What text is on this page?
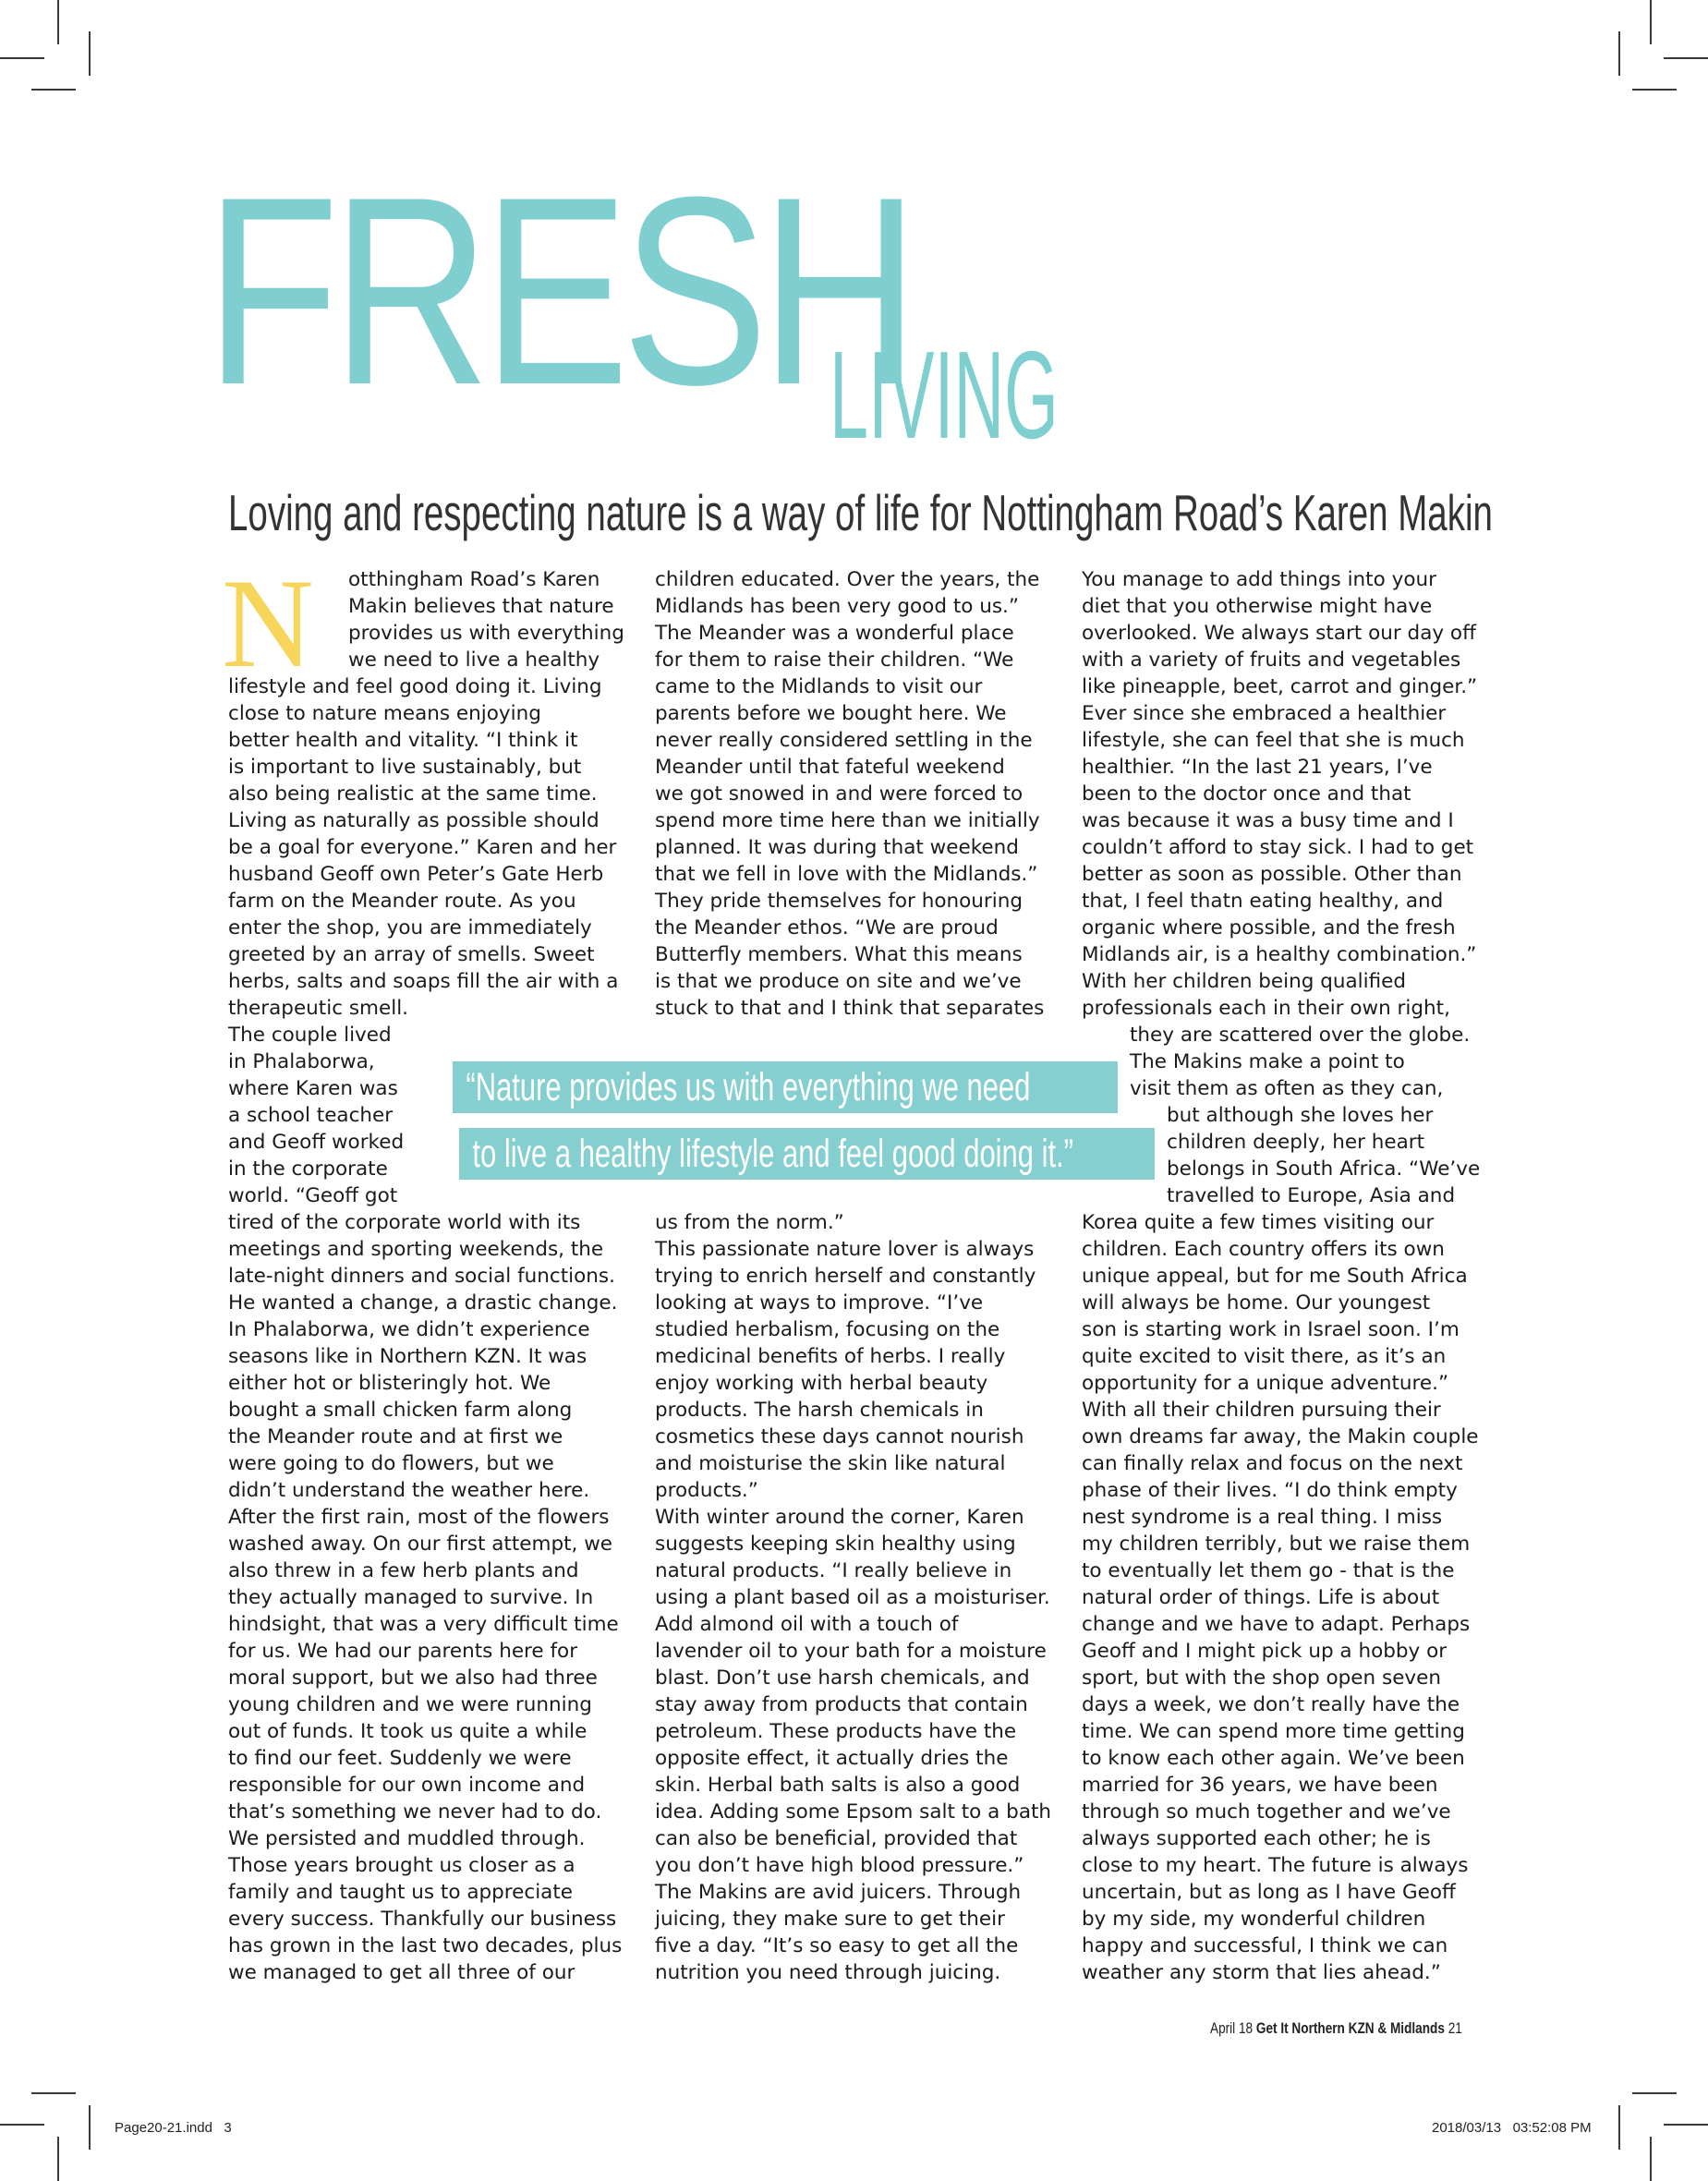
FRESH
LIVING
Loving and respecting nature is a way of life for Nottingham Road’s Karen Makin
N	otthingham Road’s Karen
Makin believes that nature
provides us with everything
we need to live a healthy
lifestyle and feel good doing it. Living
close to nature means enjoying
better health and vitality. “I think it
is important to live sustainably, but
also being realistic at the same time.
Living as naturally as possible should
be a goal for everyone.” Karen and her
husband Geoff own Peter’s Gate Herb
farm on the Meander route. As you
enter the shop, you are immediately
greeted by an array of smells. Sweet
herbs, salts and soaps fill the air with a
therapeutic smell.
The couple lived
in Phalaborwa,
where Karen was
a school teacher
and Geoff worked
in the corporate
world. “Geoff got
tired of the corporate world with its
meetings and sporting weekends, the
late-night dinners and social functions.
He wanted a change, a drastic change.
In Phalaborwa, we didn’t experience
seasons like in Northern KZN. It was
either hot or blisteringly hot. We
bought a small chicken farm along
the Meander route and at first we
were going to do flowers, but we
didn’t understand the weather here.
After the first rain, most of the flowers
washed away. On our first attempt, we
also threw in a few herb plants and
they actually managed to survive. In
hindsight, that was a very difficult time
for us. We had our parents here for
moral support, but we also had three
young children and we were running
out of funds. It took us quite a while
to find our feet. Suddenly we were
responsible for our own income and
that’s something we never had to do.
We persisted and muddled through.
Those years brought us closer as a
family and taught us to appreciate
every success. Thankfully our business
has grown in the last two decades, plus
we managed to get all three of our
children educated. Over the years, the
Midlands has been very good to us.”
The Meander was a wonderful place
for them to raise their children. “We
came to the Midlands to visit our
parents before we bought here. We
never really considered settling in the
Meander until that fateful weekend
we got snowed in and were forced to
spend more time here than we initially
planned. It was during that weekend
that we fell in love with the Midlands.”
They pride themselves for honouring
the Meander ethos. “We are proud
Butterfly members. What this means
is that we produce on site and we’ve
stuck to that and I think that separates
us from the norm.”
This passionate nature lover is always
trying to enrich herself and constantly
looking at ways to improve. “I’ve
studied herbalism, focusing on the
medicinal benefits of herbs. I really
enjoy working with herbal beauty
products. The harsh chemicals in
cosmetics these days cannot nourish
and moisturise the skin like natural
products.”
With winter around the corner, Karen
suggests keeping skin healthy using
natural products. “I really believe in
using a plant based oil as a moisturiser.
Add almond oil with a touch of
lavender oil to your bath for a moisture
blast. Don’t use harsh chemicals, and
stay away from products that contain
petroleum. These products have the
opposite effect, it actually dries the
skin. Herbal bath salts is also a good
idea. Adding some Epsom salt to a bath
can also be beneficial, provided that
you don’t have high blood pressure.”
The Makins are avid juicers. Through
juicing, they make sure to get their
five a day. “It’s so easy to get all the
nutrition you need through juicing.
You manage to add things into your
diet that you otherwise might have
overlooked. We always start our day off
with a variety of fruits and vegetables
like pineapple, beet, carrot and ginger.”
Ever since she embraced a healthier
lifestyle, she can feel that she is much
healthier. “In the last 21 years, I’ve
been to the doctor once and that
was because it was a busy time and I
couldn’t afford to stay sick. I had to get
better as soon as possible. Other than
that, I feel thatn eating healthy, and
organic where possible, and the fresh
Midlands air, is a healthy combination.”
With her children being qualified
professionals each in their own right,
they are scattered over the globe.
The Makins make a point to
visit them as often as they can,
but although she loves her
children deeply, her heart
belongs in South Africa. “We’ve
travelled to Europe, Asia and
Korea quite a few times visiting our
children. Each country offers its own
unique appeal, but for me South Africa
will always be home. Our youngest
son is starting work in Israel soon. I’m
quite excited to visit there, as it’s an
opportunity for a unique adventure.”
With all their children pursuing their
own dreams far away, the Makin couple
can finally relax and focus on the next
phase of their lives. “I do think empty
nest syndrome is a real thing. I miss
my children terribly, but we raise them
to eventually let them go - that is the
natural order of things. Life is about
change and we have to adapt. Perhaps
Geoff and I might pick up a hobby or
sport, but with the shop open seven
days a week, we don’t really have the
time. We can spend more time getting
to know each other again. We’ve been
married for 36 years, we have been
through so much together and we’ve
always supported each other; he is
close to my heart. The future is always
uncertain, but as long as I have Geoff
by my side, my wonderful children
happy and successful, I think we can
weather any storm that lies ahead.”
“Nature provides us with everything we need
to live a healthy lifestyle and feel good doing it.”
April 18 Get It Northern KZN & Midlands 21
Page20-21.indd   3	2018/03/13   03:52:08 PM
